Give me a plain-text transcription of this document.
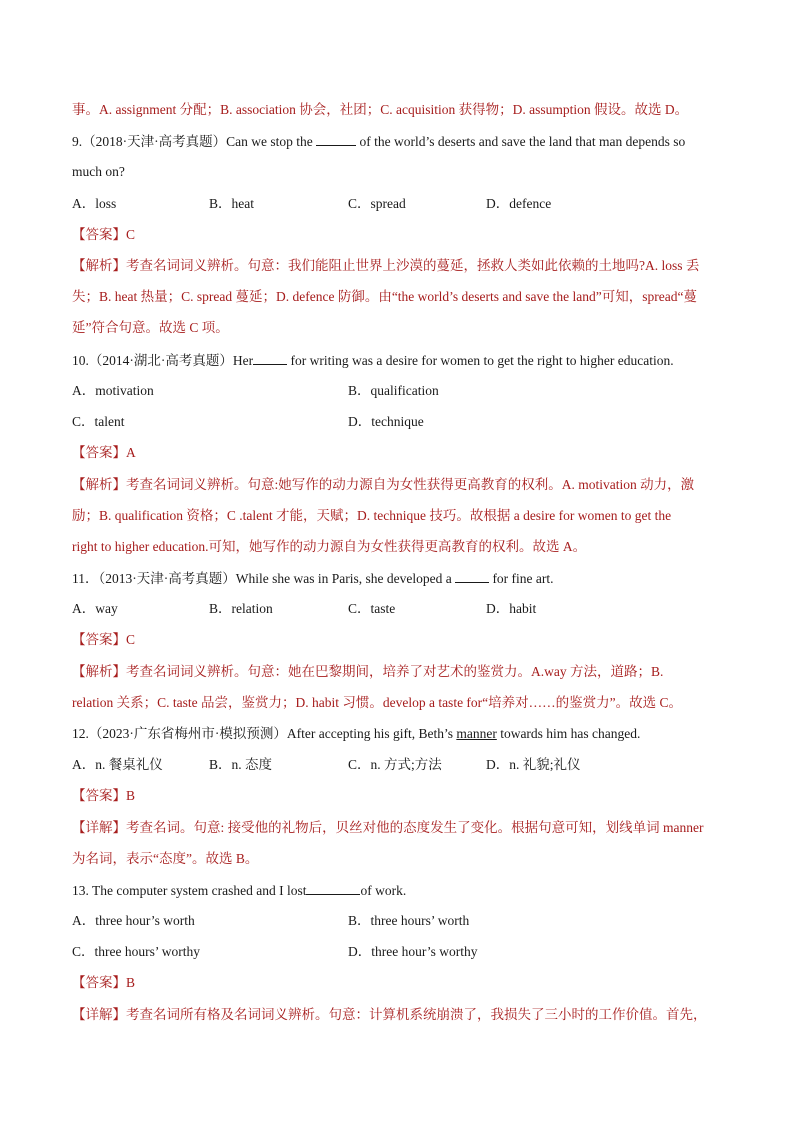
事。A. assignment 分配；B. association 协会，社团；C. acquisition 获得物；D. assumption 假设。故选 D。
9.（2018·天津·高考真题）Can we stop the	of the world’s deserts and save the land that man depends so
much on?
A．loss	B．heat	C．spread	D．defence
【答案】C
【解析】考查名词词义辨析。句意：我们能阻止世界上沙漠的蔓延，拯救人类如此依赖的土地吗?A. loss 丢
失；B. heat 热量；C. spread 蔓延；D. defence 防御。由“the world’s deserts and save the land”可知，spread“蔓
延”符合句意。故选 C 项。
10.（2014·湖北·高考真题）Her	for writing was a desire for women to get the right to higher education.
A．motivation	B．qualification
C．talent	D．technique
【答案】A
【解析】考查名词词义辨析。句意:她写作的动力源自为女性获得更高教育的权利。A. motivation 动力，激
励；B. qualification 资格；C .talent 才能，天赋；D. technique 技巧。故根据 a desire for women to get the
right to higher education.可知，她写作的动力源自为女性获得更高教育的权利。故选 A。
11．（2013·天津·高考真题）While she was in Paris, she developed a	for fine art.
A．way	B．relation	C．taste	D．habit
【答案】C
【解析】考查名词词义辨析。句意：她在巴黎期间，培养了对艺术的鉴赏力。A.way 方法，道路；B.
relation 关系；C. taste 品尝，鉴赏力；D. habit 习惯。develop a taste for“培养对……的鉴赏力”。故选 C。
12.（2023·广东省梅州市·模拟预测）After accepting his gift, Beth’s manner towards him has changed.
A．n. 餐桌礼仪	B．n. 态度	C．n. 方式;方法	D．n. 礼貌;礼仪
【答案】B
【详解】考查名词。句意: 接受他的礼物后，贝丝对他的态度发生了变化。根据句意可知，划线单词 manner
为名词，表示“态度”。故选 B。
13. The computer system crashed and I lost	of work.
A．three hour’s worth	B．three hours’ worth
C．three hours’ worthy	D．three hour’s worthy
【答案】B
【详解】考查名词所有格及名词词义辨析。句意：计算机系统崩溃了，我损失了三小时的工作价值。首先，
